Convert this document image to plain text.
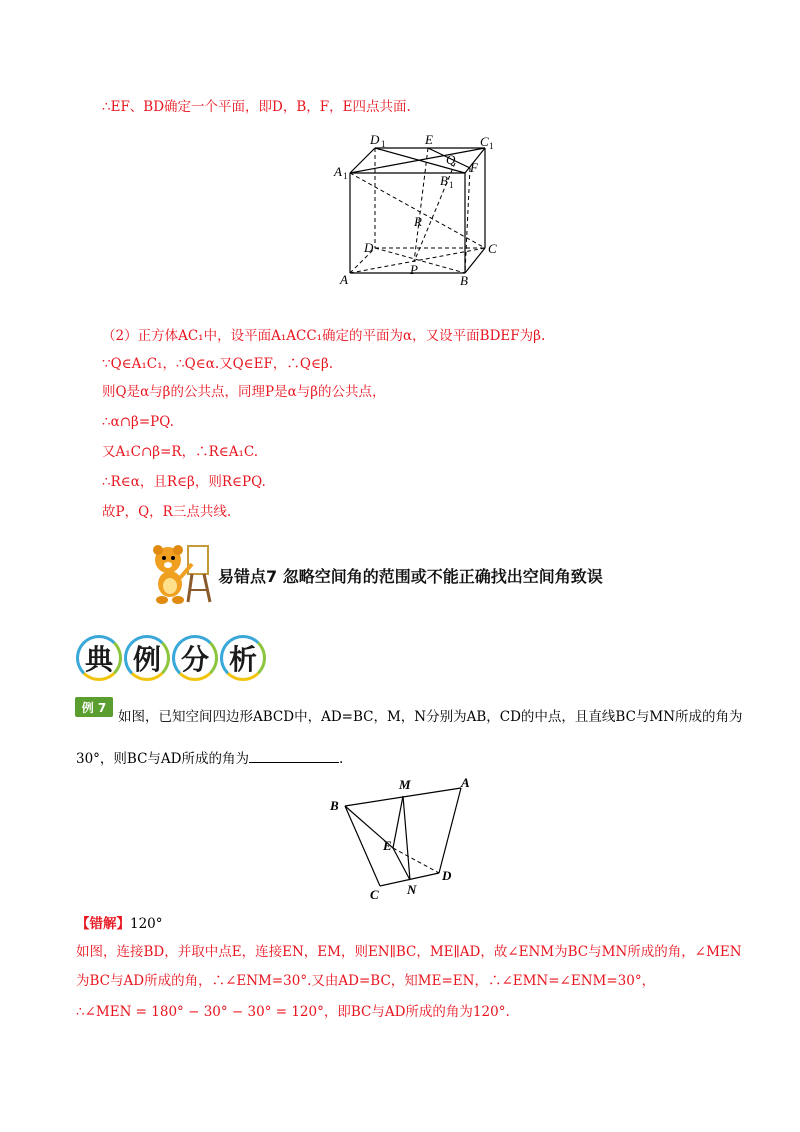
∴EF、BD确定一个平面，即D，B，F，E四点共面.
D 1	E	C 1
A 1
Q
B 1
F
R
D	C
A
P
B
（2）正方体AC₁中，设平面A₁ACC₁确定的平面为α，又设平面BDEF为β.
∵Q∈A₁C₁，∴Q∈α.又Q∈EF，∴Q∈β.
则Q是α与β的公共点，同理P是α与β的公共点，
∴α∩β=PQ.
又A₁C∩β=R，∴R∈A₁C.
∴R∈α，且R∈β，则R∈PQ.
故P，Q，R三点共线.
易错点7 忽略空间角的范围或不能正确找出空间角致误
典 例 分 析
例 7
如图，已知空间四边形ABCD中，AD=BC，M，N分别为AB，CD的中点，且直线BC与MN所成的角为
30°，则BC与AD所成的角为	.
M	A
B
E
D
N
C
【错解】120°
如图，连接BD，并取中点E，连接EN，EM，则EN∥BC，ME∥AD，故∠ENM为BC与MN所成的角，∠MEN
为BC与AD所成的角，∴∠ENM=30°.又由AD=BC，知ME=EN，∴∠EMN=∠ENM=30°，
∴∠MEN = 180° − 30° − 30° = 120°，即BC与AD所成的角为120°.
